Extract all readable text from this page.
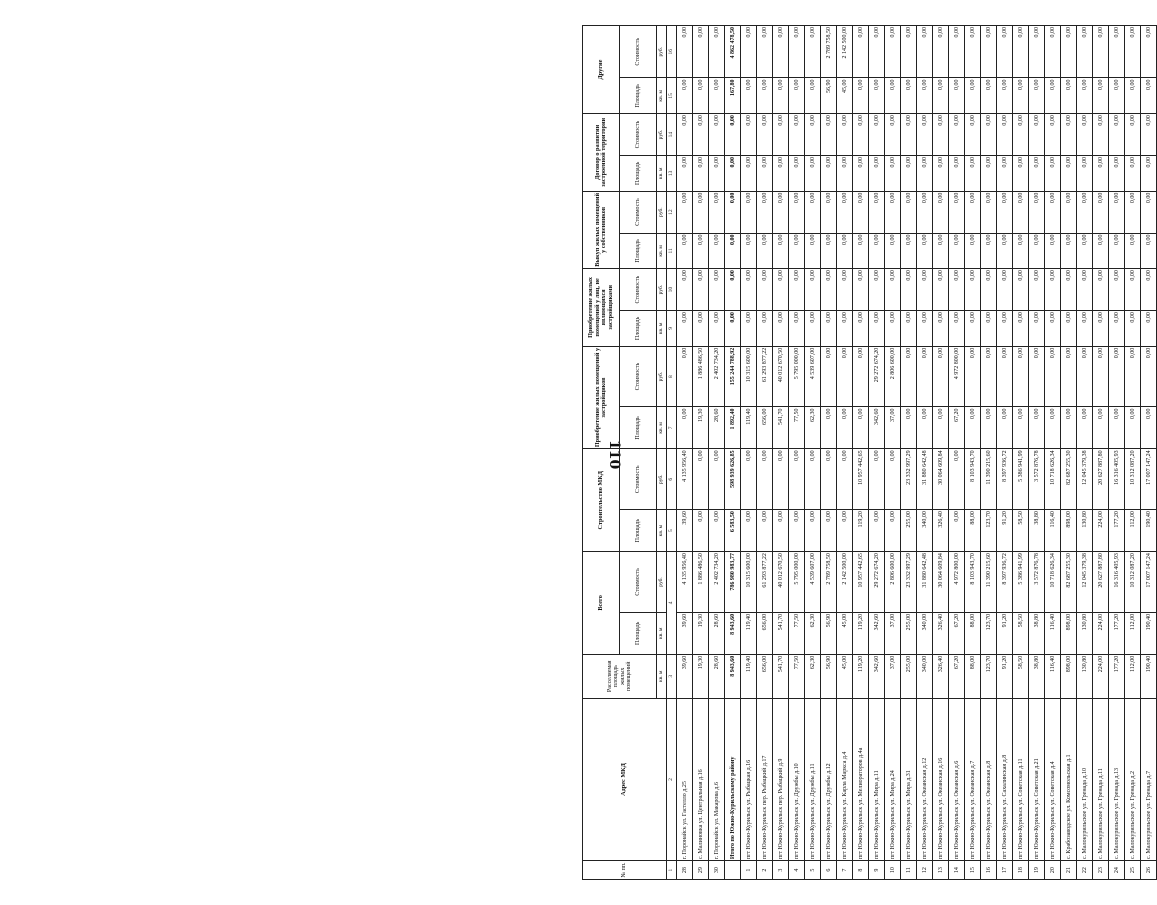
110
№ пп.	Адрес МКД	Расселяемая площадь жилых помещений	Всего		Строительство МКД		Приобретение жилых помещений у застройщиков		Приобретение жилых помещений у лиц, не являющихся застройщиками		Выкуп жилых помещений у собственников		Договор о развитии застроенной территории		Другие	
			Площадь	Стоимость	Площадь	Стоимость	Площадь	Стоимость	Площадь	Стоимость	Площадь	Стоимость	Площадь	Стоимость	Площадь	Стоимость
		кв. м	кв. м	руб.	кв. м	руб.	кв. м	руб.	кв. м	руб.	кв. м	руб.	кв. м	руб.	кв. м	руб.
1	2	3	4		5	6	7	8	9	10	11	12	13	14	15	16
28	г. Поронайск ул. Гастелло д.25	39,60	39,60	4 135 956,40	39,60	4 135 956,40	0,00	0,00	0,00	0,00	0,00	0,00	0,00	0,00	0,00	0,00
29	с. Малиновка ул. Центральная д.16	19,30	19,30	1 886 486,50	0,00	0,00	19,30	1 886 486,50	0,00	0,00	0,00	0,00	0,00	0,00	0,00	0,00
30	г. Поронайск ул. Макарова д.6	28,60	28,60	2 402 734,20	0,00	0,00	28,60	2 402 734,20	0,00	0,00	0,00	0,00	0,00	0,00	0,00	0,00
	Итого по Южно-Курильскому району	8 943,60	8 943,60	786 980 983,77	6 583,50	598 939 626,85	1 892,40	155 244 788,92	0,00	0,00	0,00	0,00	0,00	0,00	167,80	4 862 478,50
1	пгт Южно-Курильск ул. Рыбацкая д.16	119,40	119,40	10 315 600,00	0,00	0,00	119,40	10 315 600,00	0,00	0,00	0,00	0,00	0,00	0,00	0,00	0,00
2	пгт Южно-Курильск пер. Рыбацкий д.17	656,00	656,00	61 293 877,22	0,00	0,00	656,00	61 293 877,22	0,00	0,00	0,00	0,00	0,00	0,00	0,00	0,00
3	пгт Южно-Курильск пер. Рыбацкий д.9	541,70	541,70	40 012 670,50	0,00	0,00	541,70	40 012 670,50	0,00	0,00	0,00	0,00	0,00	0,00	0,00	0,00
4	пгт Южно-Курильск ул. Дружбы д.10	77,50	77,50	5 795 000,00	0,00	0,00	77,50	5 795 000,00	0,00	0,00	0,00	0,00	0,00	0,00	0,00	0,00
5	пгт Южно-Курильск ул. Дружбы д.11	62,30	62,30	4 539 607,00	0,00	0,00	62,30	4 539 607,00	0,00	0,00	0,00	0,00	0,00	0,00	0,00	0,00
6	пгт Южно-Курильск ул. Дружбы д.12	56,90	56,90	2 789 758,50	0,00	0,00	0,00	0,00	0,00	0,00	0,00	0,00	0,00	0,00	56,90	2 789 758,50
7	пгт Южно-Курильск ул. Карла Маркса д.4	45,00	45,00	2 142 500,00	0,00	0,00	0,00	0,00	0,00	0,00	0,00	0,00	0,00	0,00	45,00	2 142 500,00
8	пгт Южно-Курильск ул. Мелиораторов д.4а	119,20	119,20	10 957 442,65	119,20	10 957 442,65	0,00	0,00	0,00	0,00	0,00	0,00	0,00	0,00	0,00	0,00
9	пгт Южно-Курильск ул. Мира д.11	342,60	342,60	29 272 674,20	0,00	0,00	342,60	29 272 674,20	0,00	0,00	0,00	0,00	0,00	0,00	0,00	0,00
10	пгт Южно-Курильск ул. Мира д.24	37,00	37,00	2 806 600,00	0,00	0,00	37,00	2 806 600,00	0,00	0,00	0,00	0,00	0,00	0,00	0,00	0,00
11	пгт Южно-Курильск ул. Мира д.31	255,00	255,00	23 332 997,29	255,00	23 332 997,29	0,00	0,00	0,00	0,00	0,00	0,00	0,00	0,00	0,00	0,00
12	пгт Южно-Курильск ул. Океанская д.12	340,00	340,00	31 880 642,48	340,00	31 880 642,48	0,00	0,00	0,00	0,00	0,00	0,00	0,00	0,00	0,00	0,00
13	пгт Южно-Курильск ул. Океанская д.16	326,40	326,40	30 064 609,84	326,40	30 064 609,84	0,00	0,00	0,00	0,00	0,00	0,00	0,00	0,00	0,00	0,00
14	пгт Южно-Курильск ул. Океанская д.6	67,20	67,20	4 972 800,00	0,00	0,00	67,20	4 972 800,00	0,00	0,00	0,00	0,00	0,00	0,00	0,00	0,00
15	пгт Южно-Курильск ул. Океанская д.7	88,00	88,00	8 103 943,70	88,00	8 103 943,70	0,00	0,00	0,00	0,00	0,00	0,00	0,00	0,00	0,00	0,00
16	пгт Южно-Курильск ул. Океанская д.8	123,70	123,70	11 390 215,60	123,70	11 390 215,60	0,00	0,00	0,00	0,00	0,00	0,00	0,00	0,00	0,00	0,00
17	пгт Южно-Курильск ул. Сахалинская д.8	91,20	91,20	8 397 936,72	91,20	8 397 936,72	0,00	0,00	0,00	0,00	0,00	0,00	0,00	0,00	0,00	0,00
18	пгт Южно-Курильск ул. Советская д.11	58,50	58,50	5 386 941,99	58,50	5 386 941,99	0,00	0,00	0,00	0,00	0,00	0,00	0,00	0,00	0,00	0,00
19	пгт Южно-Курильск ул. Советская д.21	38,80	38,80	3 572 876,78	38,80	3 572 876,78	0,00	0,00	0,00	0,00	0,00	0,00	0,00	0,00	0,00	0,00
20	пгт Южно-Курильск ул. Советская д.4	116,40	116,40	10 718 626,34	116,40	10 718 626,34	0,00	0,00	0,00	0,00	0,00	0,00	0,00	0,00	0,00	0,00
21	с. Крабозаводское ул. Комсомольская д.1	898,00	898,00	82 687 255,30	898,00	82 687 255,30	0,00	0,00	0,00	0,00	0,00	0,00	0,00	0,00	0,00	0,00
22	с. Малокурильское ул. Гренада д.10	130,80	130,80	12 045 379,38	130,80	12 045 379,38	0,00	0,00	0,00	0,00	0,00	0,00	0,00	0,00	0,00	0,00
23	с. Малокурильское ул. Гренада д.11	224,00	224,00	20 627 887,80	224,00	20 627 887,80	0,00	0,00	0,00	0,00	0,00	0,00	0,00	0,00	0,00	0,00
24	с. Малокурильское ул. Гренада д.13	177,20	177,20	16 316 405,93	177,20	16 316 405,93	0,00	0,00	0,00	0,00	0,00	0,00	0,00	0,00	0,00	0,00
25	с. Малокурильское ул. Гренада д.2	112,00	112,00	10 312 087,20	112,00	10 312 087,20	0,00	0,00	0,00	0,00	0,00	0,00	0,00	0,00	0,00	0,00
26	с. Малокурильское ул. Гренада д.7	190,40	190,40	17 007 147,24	190,40	17 007 147,24	0,00	0,00	0,00	0,00	0,00	0,00	0,00	0,00	0,00	0,00
